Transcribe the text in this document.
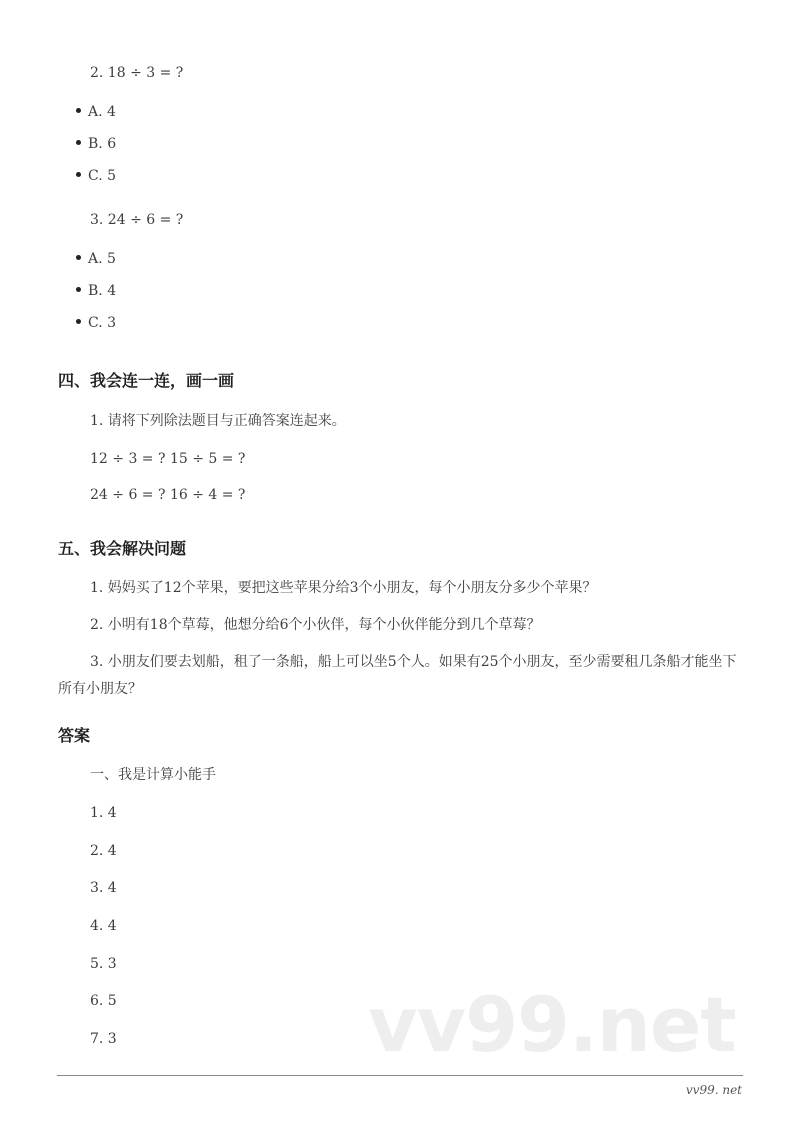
2. 18 ÷ 3 = ?
A. 4
B. 6
C. 5
3. 24 ÷ 6 = ?
A. 5
B. 4
C. 3
四、我会连一连，画一画
1. 请将下列除法题目与正确答案连起来。
12 ÷ 3 = ? 15 ÷ 5 = ?
24 ÷ 6 = ? 16 ÷ 4 = ?
五、我会解决问题
1. 妈妈买了12个苹果，要把这些苹果分给3个小朋友，每个小朋友分多少个苹果？
2. 小明有18个草莓，他想分给6个小伙伴，每个小伙伴能分到几个草莓？
3. 小朋友们要去划船，租了一条船，船上可以坐5个人。如果有25个小朋友，至少需要租几条船才能坐下所有小朋友？
答案
一、我是计算小能手
1. 4
2. 4
3. 4
4. 4
5. 3
6. 5
7. 3	vv99.net
vv99. net
